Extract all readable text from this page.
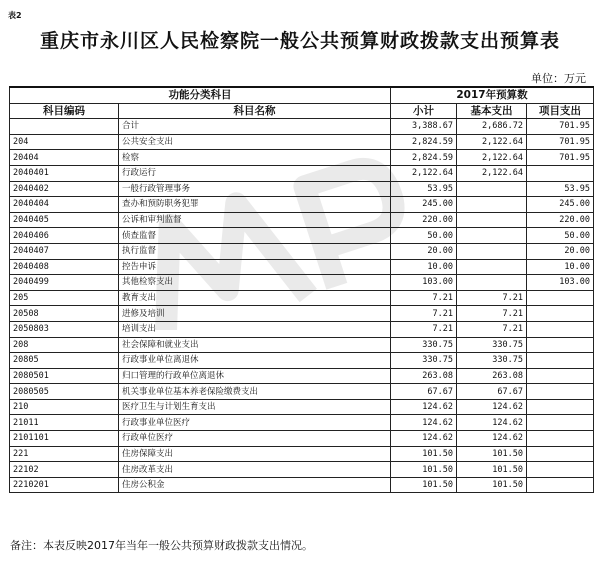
表2
重庆市永川区人民检察院一般公共预算财政拨款支出预算表
单位：万元
功能分类科目		2017年预算数		
科目编码	科目名称	小计	基本支出	项目支出
	合计	3,388.67	2,686.72	701.95
204	公共安全支出	2,824.59	2,122.64	701.95
20404	检察	2,824.59	2,122.64	701.95
2040401	行政运行	2,122.64	2,122.64	
2040402	一般行政管理事务	53.95		53.95
2040404	查办和预防职务犯罪	245.00		245.00
2040405	公诉和审判监督	220.00		220.00
2040406	侦查监督	50.00		50.00
2040407	执行监督	20.00		20.00
2040408	控告申诉	10.00		10.00
2040499	其他检察支出	103.00		103.00
205	教育支出	7.21	7.21	
20508	进修及培训	7.21	7.21	
2050803	培训支出	7.21	7.21	
208	社会保障和就业支出	330.75	330.75	
20805	行政事业单位离退休	330.75	330.75	
2080501	归口管理的行政单位离退休	263.08	263.08	
2080505	机关事业单位基本养老保险缴费支出	67.67	67.67	
210	医疗卫生与计划生育支出	124.62	124.62	
21011	行政事业单位医疗	124.62	124.62	
2101101	行政单位医疗	124.62	124.62	
221	住房保障支出	101.50	101.50	
22102	住房改革支出	101.50	101.50	
2210201	住房公积金	101.50	101.50	
备注：本表反映2017年当年一般公共预算财政拨款支出情况。
